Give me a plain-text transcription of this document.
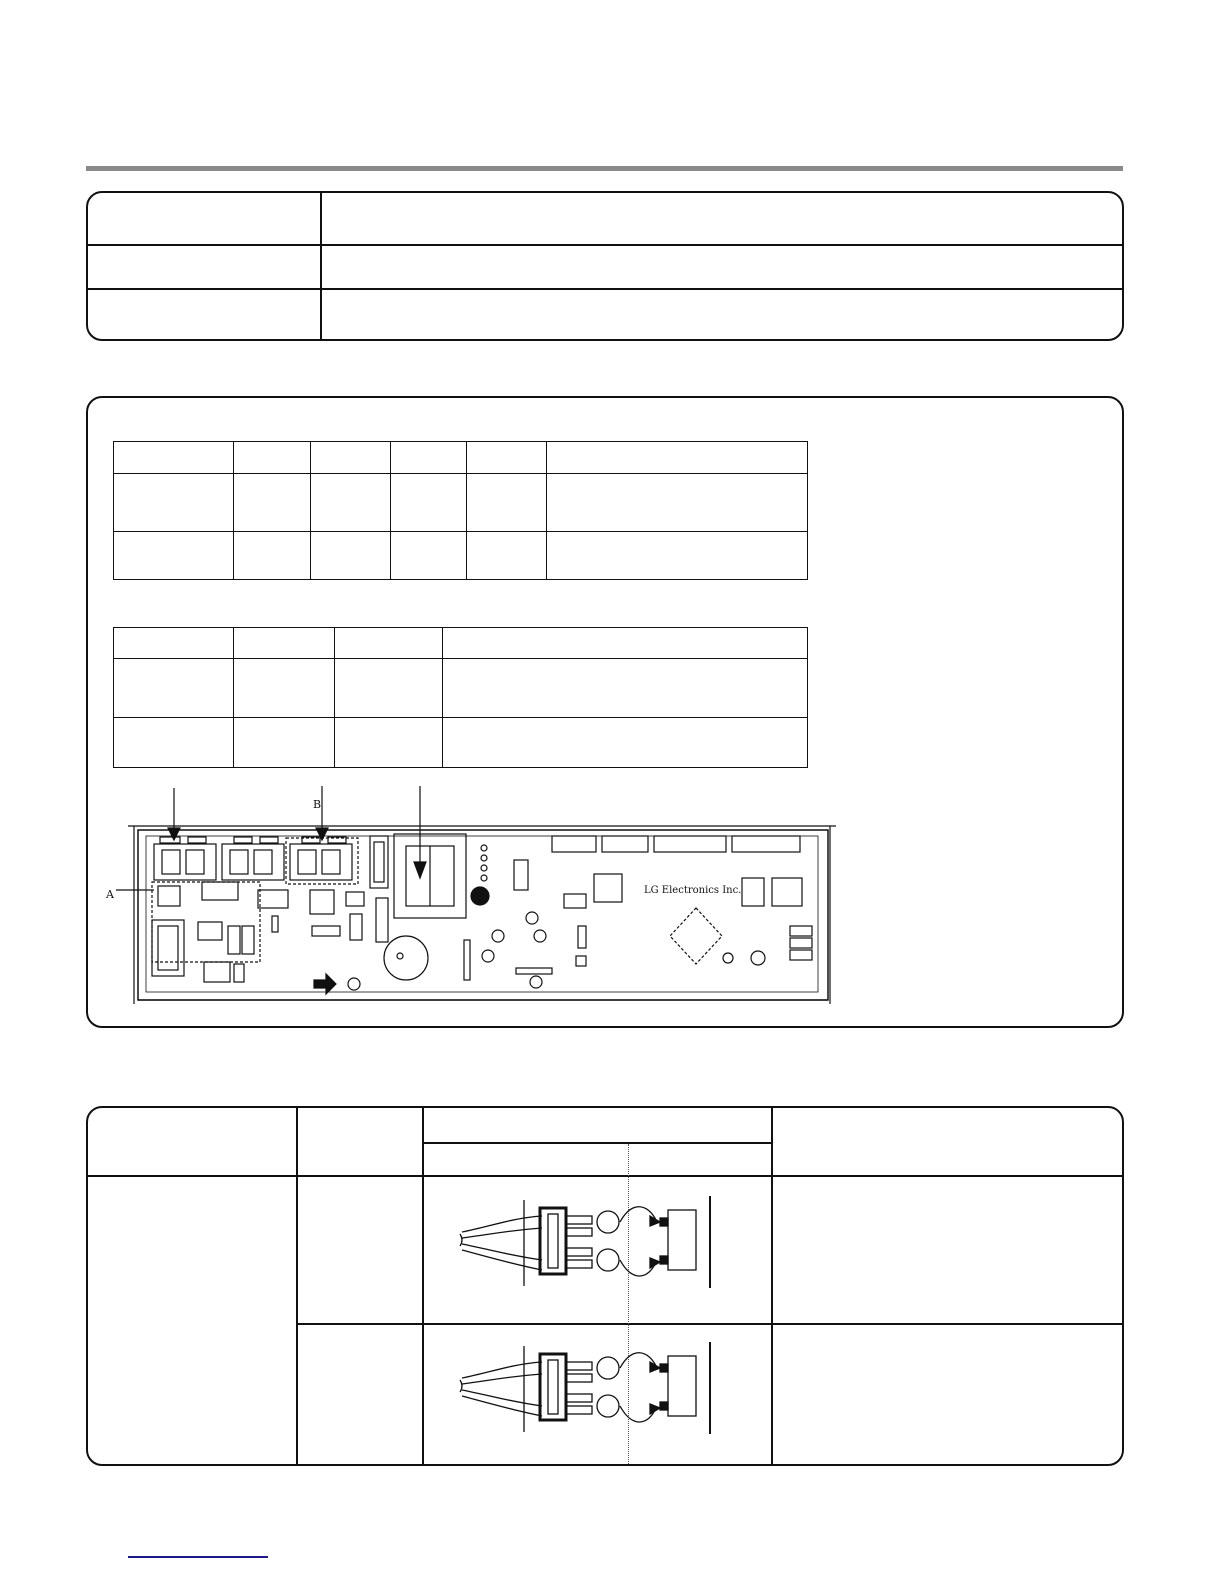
A
B
LG Electronics Inc.
